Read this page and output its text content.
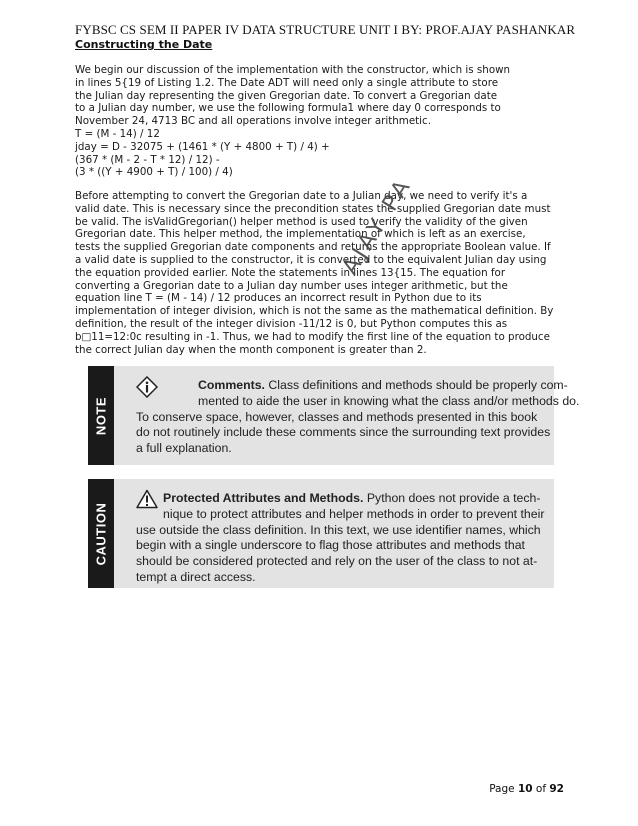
FYBSC CS SEM II PAPER IV DATA STRUCTURE UNIT I BY: PROF.AJAY PASHANKAR
Constructing the Date
We begin our discussion of the implementation with the constructor, which is shown
in lines 5{19 of Listing 1.2. The Date ADT will need only a single attribute to store
the Julian day representing the given Gregorian date. To convert a Gregorian date
to a Julian day number, we use the following formula1 where day 0 corresponds to
November 24, 4713 BC and all operations involve integer arithmetic.
T = (M - 14) / 12
jday = D - 32075 + (1461 * (Y + 4800 + T) / 4) +
(367 * (M - 2 - T * 12) / 12) -
(3 * ((Y + 4900 + T) / 100) / 4)
Before attempting to convert the Gregorian date to a Julian day, we need to verify it's a
valid date. This is necessary since the precondition states the supplied Gregorian date must
be valid. The isValidGregorian() helper method is used to verify the validity of the given
Gregorian date. This helper method, the implementation of which is left as an exercise,
tests the supplied Gregorian date components and returns the appropriate Boolean value. If
a valid date is supplied to the constructor, it is converted to the equivalent Julian day using
the equation provided earlier. Note the statements in lines 13{15. The equation for
converting a Gregorian date to a Julian day number uses integer arithmetic, but the
equation line T = (M - 14) / 12 produces an incorrect result in Python due to its
implementation of integer division, which is not the same as the mathematical definition. By
definition, the result of the integer division -11/12 is 0, but Python computes this as
b□11=12:0c resulting in -1. Thus, we had to modify the first line of the equation to produce
the correct Julian day when the month component is greater than 2.
NOTE
Comments. Class definitions and methods should be properly com-
mented to aide the user in knowing what the class and/or methods do.
To conserve space, however, classes and methods presented in this book
do not routinely include these comments since the surrounding text provides
a full explanation.
CAUTION
Protected Attributes and Methods. Python does not provide a tech-
nique to protect attributes and helper methods in order to prevent their
use outside the class definition. In this text, we use identifier names, which
begin with a single underscore to flag those attributes and methods that
should be considered protected and rely on the user of the class to not at-
tempt a direct access.
AJAY PA
Page 10 of 92
